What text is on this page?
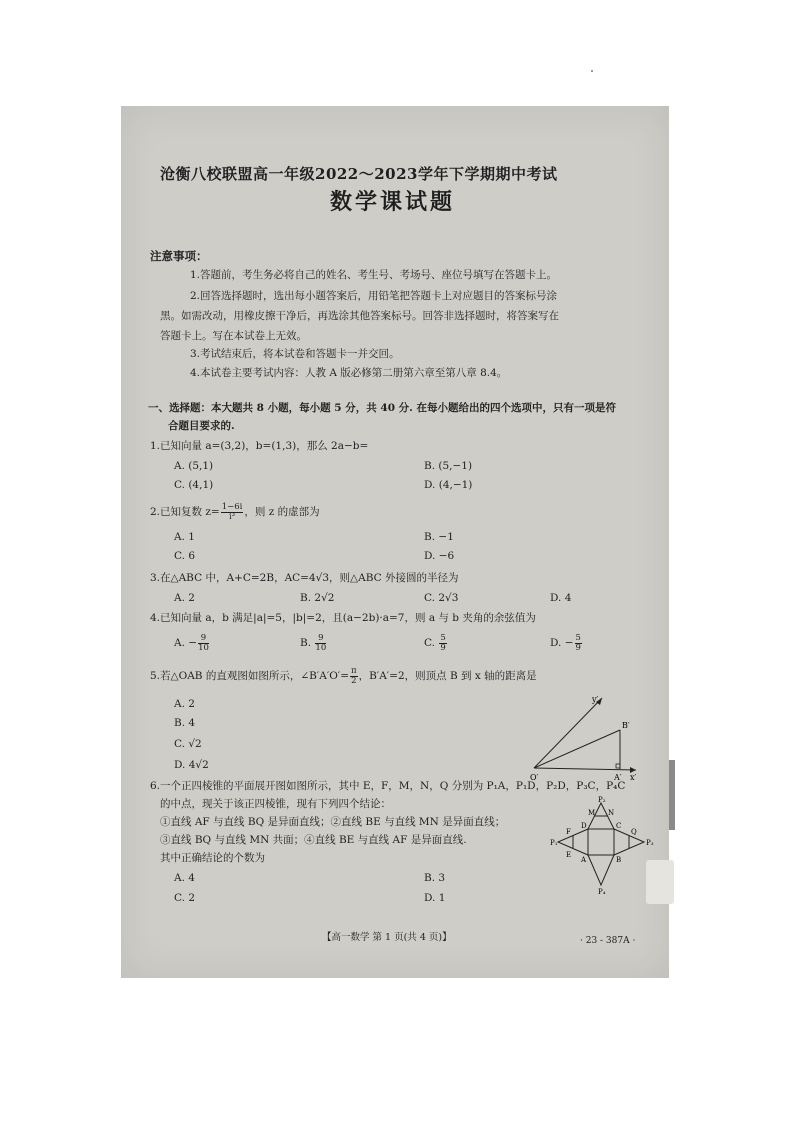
沧衡八校联盟高一年级2022～2023学年下学期期中考试
数学课试题
注意事项：
1.答题前，考生务必将自己的姓名、考生号、考场号、座位号填写在答题卡上。
2.回答选择题时，选出每小题答案后，用铅笔把答题卡上对应题目的答案标号涂
黑。如需改动，用橡皮擦干净后，再选涂其他答案标号。回答非选择题时，将答案写在
答题卡上。写在本试卷上无效。
3.考试结束后，将本试卷和答题卡一并交回。
4.本试卷主要考试内容：人教 A 版必修第二册第六章至第八章 8.4。
一、选择题：本大题共 8 小题，每小题 5 分，共 40 分. 在每小题给出的四个选项中，只有一项是符
合题目要求的.
1.已知向量 a=(3,2)，b=(1,3)，那么 2a−b=
A. (5,1)	B. (5,−1)
C. (4,1)	D. (4,−1)
2.已知复数 $z= \frac{1-6i}{\text{i³}}$ ，则 z 的虚部为
A. 1	B. −1
C. 6	D. −6
3.在△ABC 中，A+C=2B，AC=4√3，则△ABC 外接圆的半径为
A. 2	B. 2√2	C. 2√3	D. 4
4.已知向量 a，b 满足|a|=5，|b|=2，且(a−2b)·a=7，则 a 与 b 夹角的余弦值为
A. − $\frac{9}{10}$	B. $\frac{9}{10}$	C. $\frac{5}{9}$	D. − $\frac{5}{9}$
5.若△OAB 的直观图如图所示，∠B′A′O′= $\frac{\pi}{2}$ ，B′A′=2，则顶点 B 到 x 轴的距离是
A. 2
B. 4
C. √2
D. 4√2
y′
B′
O′	A′ x′
6.一个正四棱锥的平面展开图如图所示，其中 E，F，M，N，Q 分别为 P₁A，P₁D，P₂D，P₃C，P₄C
的中点，现关于该正四棱锥，现有下列四个结论：
①直线 AF 与直线 BQ 是异面直线；②直线 BE 与直线 MN 是异面直线；
③直线 BQ 与直线 MN 共面；④直线 BE 与直线 AF 是异面直线.
其中正确结论的个数为
A. 4	B. 3
C. 2	D. 1
P₂
P₃
P₄
P₁
D	C
B
A
M N
Q
F
E
【高一数学 第 1 页(共 4 页)】	· 23 - 387A ·
